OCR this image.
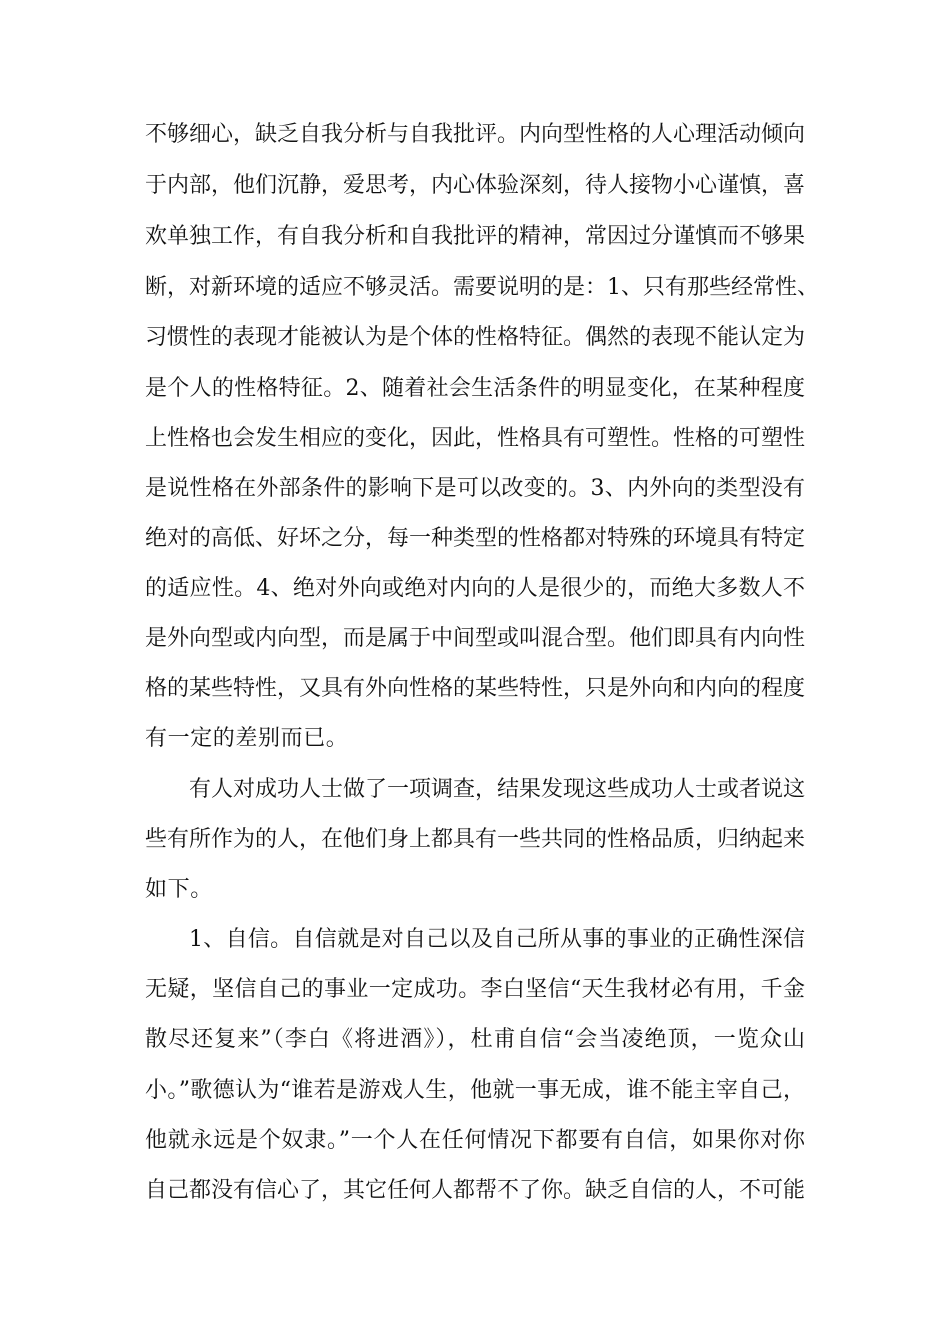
不够细心，缺乏自我分析与自我批评。内向型性格的人心理活动倾向
于内部，他们沉静，爱思考，内心体验深刻，待人接物小心谨慎，喜
欢单独工作，有自我分析和自我批评的精神，常因过分谨慎而不够果
断，对新环境的适应不够灵活。需要说明的是：1、只有那些经常性、
习惯性的表现才能被认为是个体的性格特征。偶然的表现不能认定为
是个人的性格特征。2、随着社会生活条件的明显变化，在某种程度
上性格也会发生相应的变化，因此，性格具有可塑性。性格的可塑性
是说性格在外部条件的影响下是可以改变的。3、内外向的类型没有
绝对的高低、好坏之分，每一种类型的性格都对特殊的环境具有特定
的适应性。4、绝对外向或绝对内向的人是很少的，而绝大多数人不
是外向型或内向型，而是属于中间型或叫混合型。他们即具有内向性
格的某些特性，又具有外向性格的某些特性，只是外向和内向的程度
有一定的差别而已。
有人对成功人士做了一项调查，结果发现这些成功人士或者说这
些有所作为的人，在他们身上都具有一些共同的性格品质，归纳起来
如下。
1、自信。自信就是对自己以及自己所从事的事业的正确性深信
无疑，坚信自己的事业一定成功。李白坚信“天生我材必有用，千金
散尽还复来”（李白《将进酒》），杜甫自信“会当凌绝顶，一览众山
小。”歌德认为“谁若是游戏人生，他就一事无成，谁不能主宰自己，
他就永远是个奴隶。”一个人在任何情况下都要有自信，如果你对你
自己都没有信心了，其它任何人都帮不了你。缺乏自信的人，不可能
